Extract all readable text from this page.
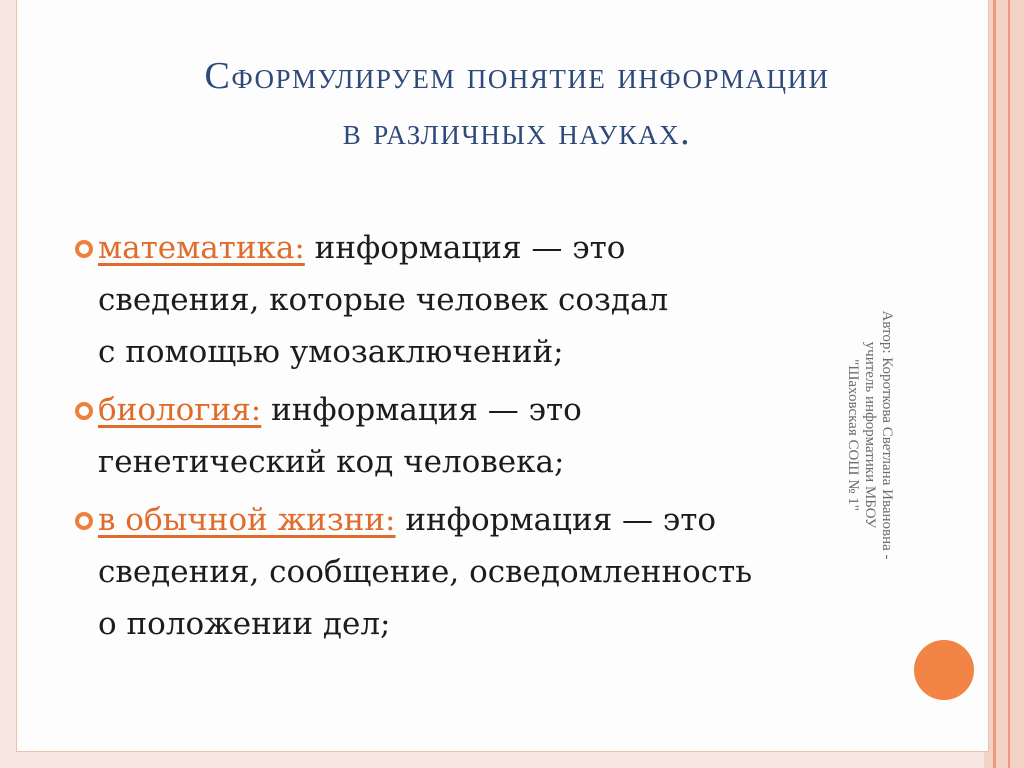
Сформулируем понятие информации
в различных науках.
математика: информация — это
сведения, которые человек создал
с помощью умозаключений;
биология: информация — это
генетический код человека;
в обычной жизни: информация — это
сведения, сообщение, осведомленность
о положении дел;
Автор: Короткова Светлана Ивановна -
учитель информатики МБОУ
"Шаховская СОШ № 1"
